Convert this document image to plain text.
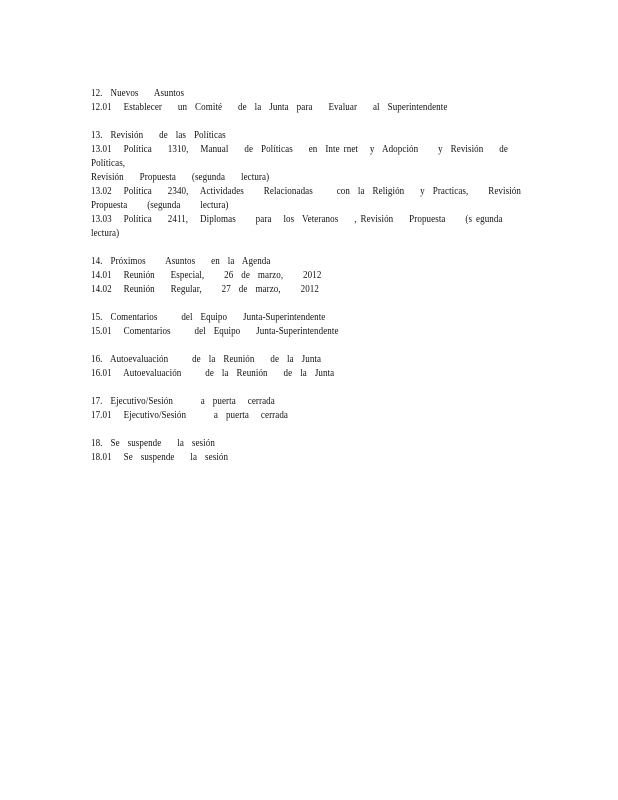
12.  Nuevos    Asuntos
12.01   Establecer    un  Comité    de  la  Junta  para    Evaluar    al  Superintendente
13.  Revisión    de  las  Políticas
13.01   Política    1310,   Manual    de  Políticas    en  Inte rnet   y  Adopción     y  Revisión    de  Políticas,
Revisión    Propuesta    (segunda    lectura)
13.02   Política    2340,   Actividades     Relacionadas      con  la  Religión    y  Practicas,     Revisión
Propuesta     (segunda     lectura)
13.03   Política    2411,   Diplomas     para   los  Veteranos    , Revisión    Propuesta     (s egunda    lectura)
14.  Próximos     Asuntos    en  la  Agenda
14.01   Reunión    Especial,     26  de  marzo,     2012
14.02   Reunión    Regular,     27  de  marzo,     2012
15.  Comentarios      del  Equipo    Junta-Superintendente
15.01   Comentarios      del  Equipo    Junta-Superintendente
16.  Autoevaluación      de  la  Reunión    de  la  Junta
16.01   Autoevaluación      de  la  Reunión    de  la  Junta
17.  Ejecutivo/Sesión       a  puerta   cerrada
17.01   Ejecutivo/Sesión       a  puerta   cerrada
18.  Se  suspende    la  sesión
18.01   Se  suspende    la  sesión
